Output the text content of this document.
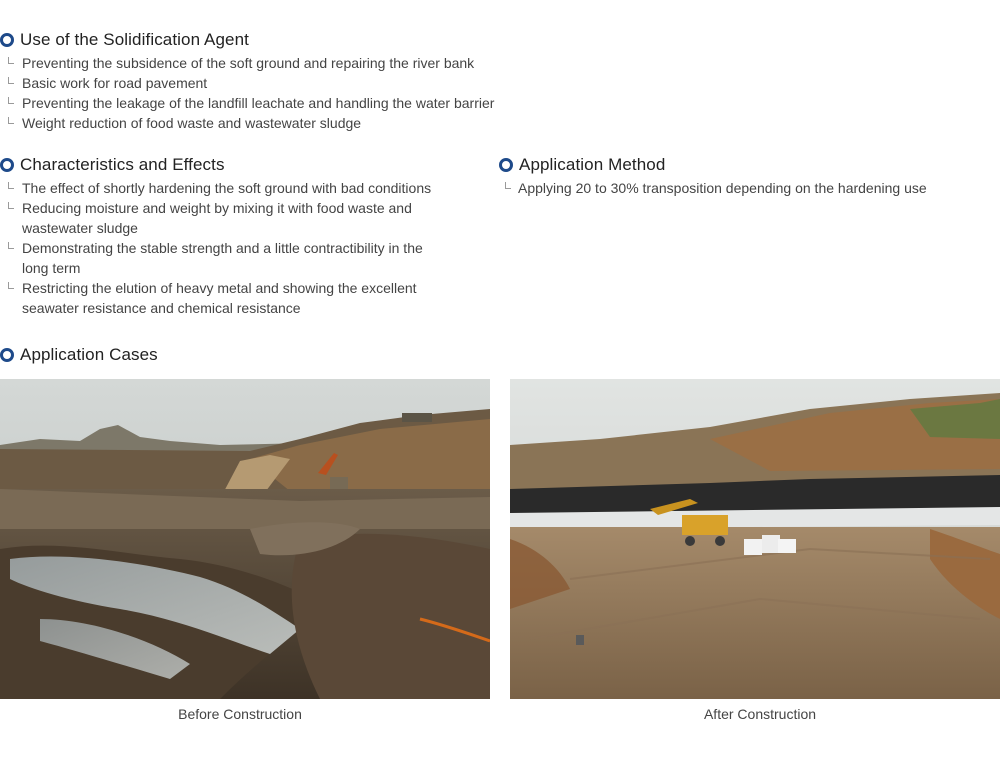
Use of the Solidification Agent
Preventing the subsidence of the soft ground and repairing the river bank
Basic work for road pavement
Preventing the leakage of the landfill leachate and handling the water barrier
Weight reduction of food waste and wastewater sludge
Characteristics and Effects
The effect of shortly hardening the soft ground with bad conditions
Reducing moisture and weight by mixing it with food waste and wastewater sludge
Demonstrating the stable strength and a little contractibility in the long term
Restricting the elution of heavy metal and showing the excellent seawater resistance and chemical resistance
Application Method
Applying 20 to 30% transposition depending on the hardening use
Application Cases
Before Construction	After Construction
